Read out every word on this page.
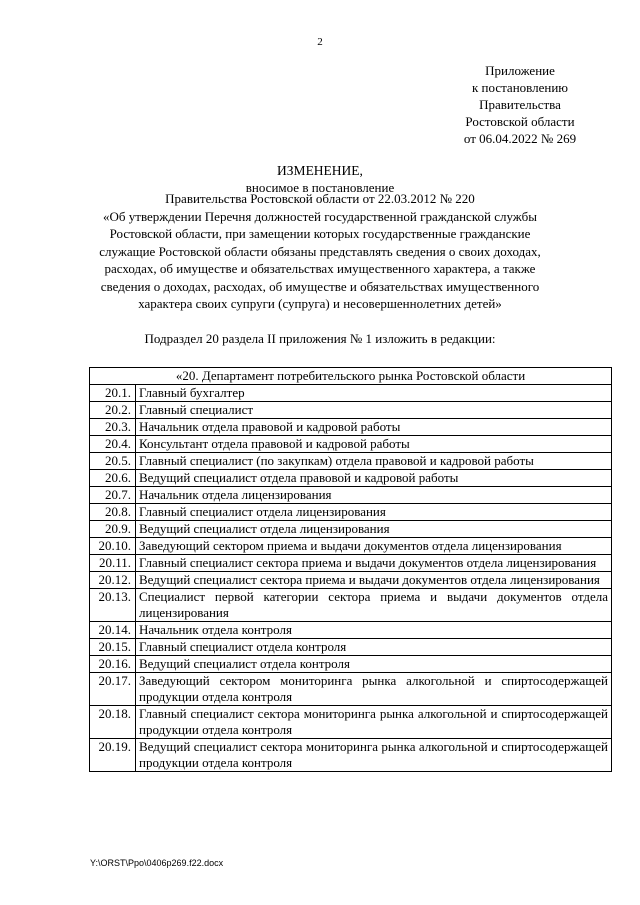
2
Приложение
к постановлению
Правительства
Ростовской области
от 06.04.2022 № 269
ИЗМЕНЕНИЕ,
вносимое в постановление
Правительства Ростовской области от 22.03.2012 № 220
«Об утверждении Перечня должностей государственной гражданской службы
Ростовской области, при замещении которых государственные гражданские
служащие Ростовской области обязаны представлять сведения о своих доходах,
расходах, об имуществе и обязательствах имущественного характера, а также
сведения о доходах, расходах, об имуществе и обязательствах имущественного
характера своих супруги (супруга) и несовершеннолетних детей»
Подраздел 20 раздела II приложения № 1 изложить в редакции:
«20. Департамент потребительского рынка Ростовской области	
20.1.	Главный бухгалтер
20.2.	Главный специалист
20.3.	Начальник отдела правовой и кадровой работы
20.4.	Консультант отдела правовой и кадровой работы
20.5.	Главный специалист (по закупкам) отдела правовой и кадровой работы
20.6.	Ведущий специалист отдела правовой и кадровой работы
20.7.	Начальник отдела лицензирования
20.8.	Главный специалист отдела лицензирования
20.9.	Ведущий специалист отдела лицензирования
20.10.	Заведующий сектором приема и выдачи документов отдела лицензирования
20.11.	Главный специалист сектора приема и выдачи документов отдела лицензирования
20.12.	Ведущий специалист сектора приема и выдачи документов отдела лицензирования
20.13.	Специалист первой категории сектора приема и выдачи документов отдела лицензирования
20.14.	Начальник отдела контроля
20.15.	Главный специалист отдела контроля
20.16.	Ведущий специалист отдела контроля
20.17.	Заведующий сектором мониторинга рынка алкогольной и спиртосодержащей продукции отдела контроля
20.18.	Главный специалист сектора мониторинга рынка алкогольной и спиртосодержащей продукции отдела контроля
20.19.	Ведущий специалист сектора мониторинга рынка алкогольной и спиртосодержащей продукции отдела контроля
Y:\ORST\Ppo\0406p269.f22.docx
